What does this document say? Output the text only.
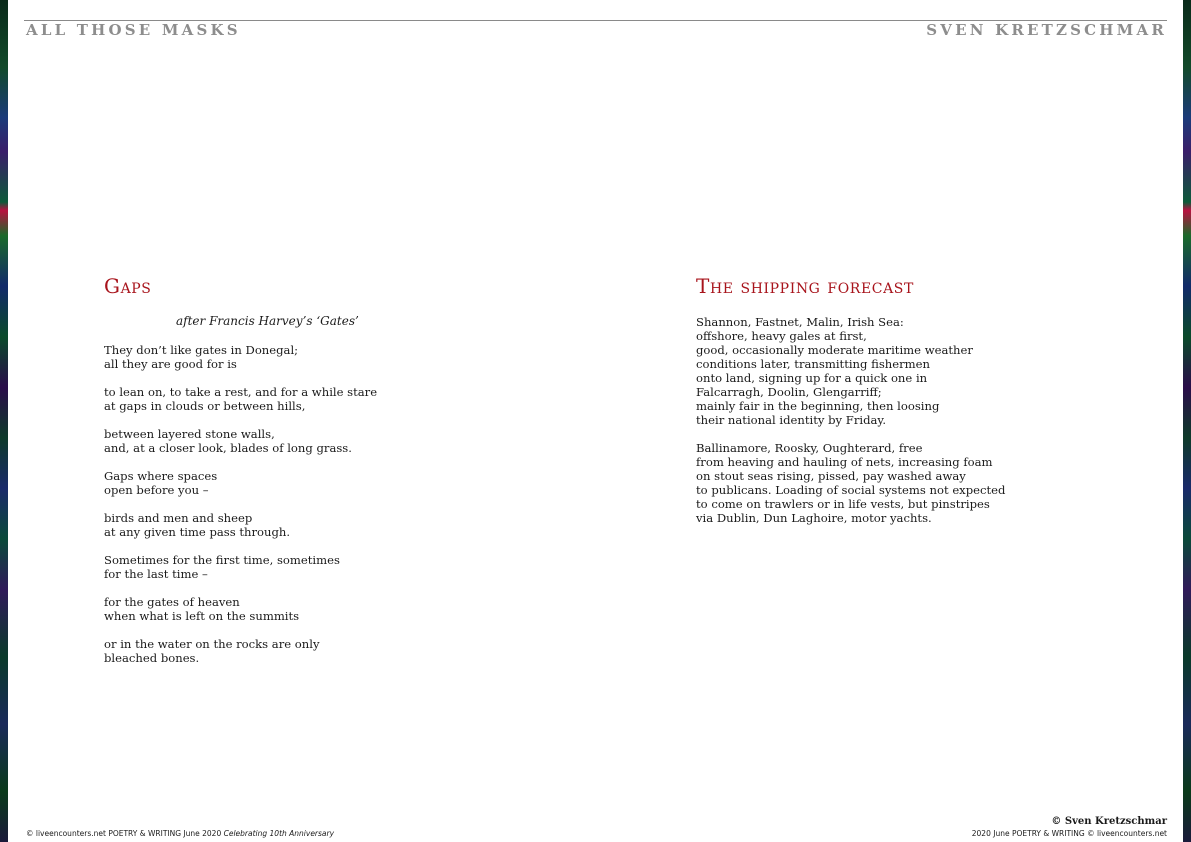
ALL THOSE MASKS	SVEN KRETZSCHMAR
Gaps
after Francis Harvey’s ‘Gates’
They don’t like gates in Donegal;
all they are good for is
to lean on, to take a rest, and for a while stare
at gaps in clouds or between hills,
between layered stone walls,
and, at a closer look, blades of long grass.
Gaps where spaces
open before you –
birds and men and sheep
at any given time pass through.
Sometimes for the first time, sometimes
for the last time –
for the gates of heaven
when what is left on the summits
or in the water on the rocks are only
bleached bones.
The shipping forecast
Shannon, Fastnet, Malin, Irish Sea:
offshore, heavy gales at first,
good, occasionally moderate maritime weather
conditions later, transmitting fishermen
onto land, signing up for a quick one in
Falcarragh, Doolin, Glengarriff;
mainly fair in the beginning, then loosing
their national identity by Friday.
Ballinamore, Roosky, Oughterard, free
from heaving and hauling of nets, increasing foam
on stout seas rising, pissed, pay washed away
to publicans. Loading of social systems not expected
to come on trawlers or in life vests, but pinstripes
via Dublin, Dun Laghoire, motor yachts.
© liveencounters.net POETRY & WRITING June 2020 Celebrating 10th Anniversary
© Sven Kretzschmar
2020 June POETRY & WRITING © liveencounters.net
